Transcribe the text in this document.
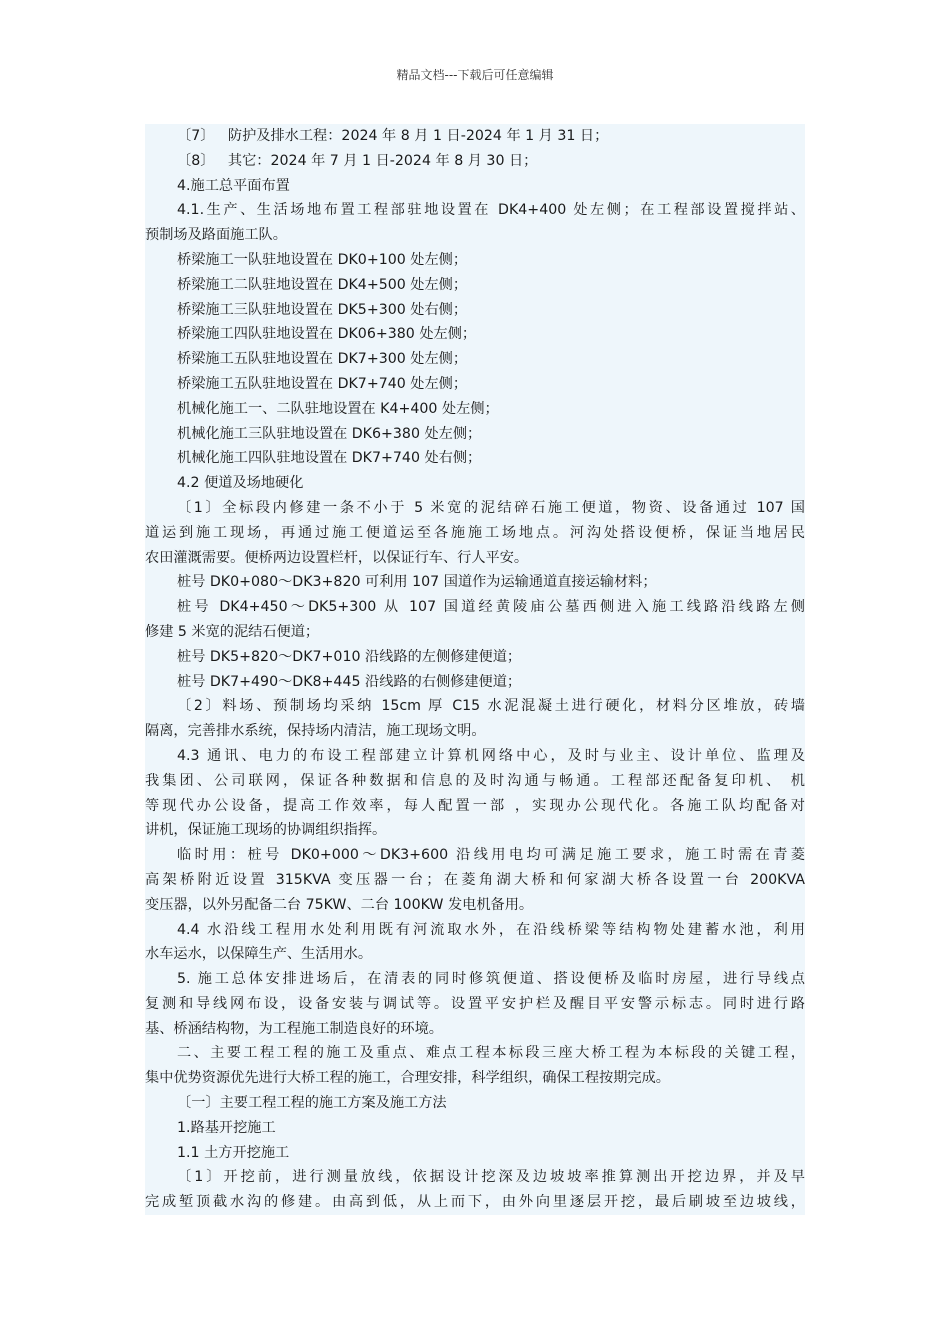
精品文档---下载后可任意编辑
〔7〕   防护及排水工程：2024 年 8 月 1 日-2024 年 1 月 31 日；
〔8〕   其它：2024 年 7 月 1 日-2024 年 8 月 30 日；
4.施工总平面布置
4.1.生产、生活场地布置工程部驻地设置在 DK4+400 处左侧；在工程部设置搅拌站、
预制场及路面施工队。
桥梁施工一队驻地设置在 DK0+100 处左侧；
桥梁施工二队驻地设置在 DK4+500 处左侧；
桥梁施工三队驻地设置在 DK5+300 处右侧；
桥梁施工四队驻地设置在 DK06+380 处左侧；
桥梁施工五队驻地设置在 DK7+300 处左侧；
桥梁施工五队驻地设置在 DK7+740 处左侧；
机械化施工一、二队驻地设置在 K4+400 处左侧；
机械化施工三队驻地设置在 DK6+380 处左侧；
机械化施工四队驻地设置在 DK7+740 处右侧；
4.2 便道及场地硬化
〔1〕全标段内修建一条不小于 5 米宽的泥结碎石施工便道，物资、设备通过 107 国
道运到施工现场，再通过施工便道运至各施施工场地点。河沟处搭设便桥，保证当地居民
农田灌溉需要。便桥两边设置栏杆，以保证行车、行人平安。
桩号 DK0+080～DK3+820 可利用 107 国道作为运输通道直接运输材料；
桩号 DK4+450～DK5+300 从 107 国道经黄陵庙公墓西侧进入施工线路沿线路左侧
修建 5 米宽的泥结石便道；
桩号 DK5+820～DK7+010 沿线路的左侧修建便道；
桩号 DK7+490～DK8+445 沿线路的右侧修建便道；
〔2〕料场、预制场均采纳 15cm 厚 C15 水泥混凝土进行硬化，材料分区堆放，砖墙
隔离，完善排水系统，保持场内清洁，施工现场文明。
4.3 通讯、电力的布设工程部建立计算机网络中心，及时与业主、设计单位、监理及
我集团、公司联网，保证各种数据和信息的及时沟通与畅通。工程部还配备复印机、 机
等现代办公设备，提高工作效率，每人配置一部 ，实现办公现代化。各施工队均配备对
讲机，保证施工现场的协调组织指挥。
临时用：桩号 DK0+000～DK3+600 沿线用电均可满足施工要求，施工时需在青菱
高架桥附近设置 315KVA 变压器一台；在菱角湖大桥和何家湖大桥各设置一台 200KVA
变压器，以外另配备二台 75KW、二台 100KW 发电机备用。
4.4 水沿线工程用水处利用既有河流取水外，在沿线桥梁等结构物处建蓄水池，利用
水车运水，以保障生产、生活用水。
5. 施工总体安排进场后，在清表的同时修筑便道、搭设便桥及临时房屋，进行导线点
复测和导线网布设，设备安装与调试等。设置平安护栏及醒目平安警示标志。同时进行路
基、桥涵结构物，为工程施工制造良好的环境。
二、主要工程工程的施工及重点、难点工程本标段三座大桥工程为本标段的关键工程，
集中优势资源优先进行大桥工程的施工，合理安排，科学组织，确保工程按期完成。
〔一〕主要工程工程的施工方案及施工方法
1.路基开挖施工
1.1 土方开挖施工
〔1〕开挖前，进行测量放线，依据设计挖深及边坡坡率推算测出开挖边界，并及早
完成堑顶截水沟的修建。由高到低，从上而下，由外向里逐层开挖，最后刷坡至边坡线，
